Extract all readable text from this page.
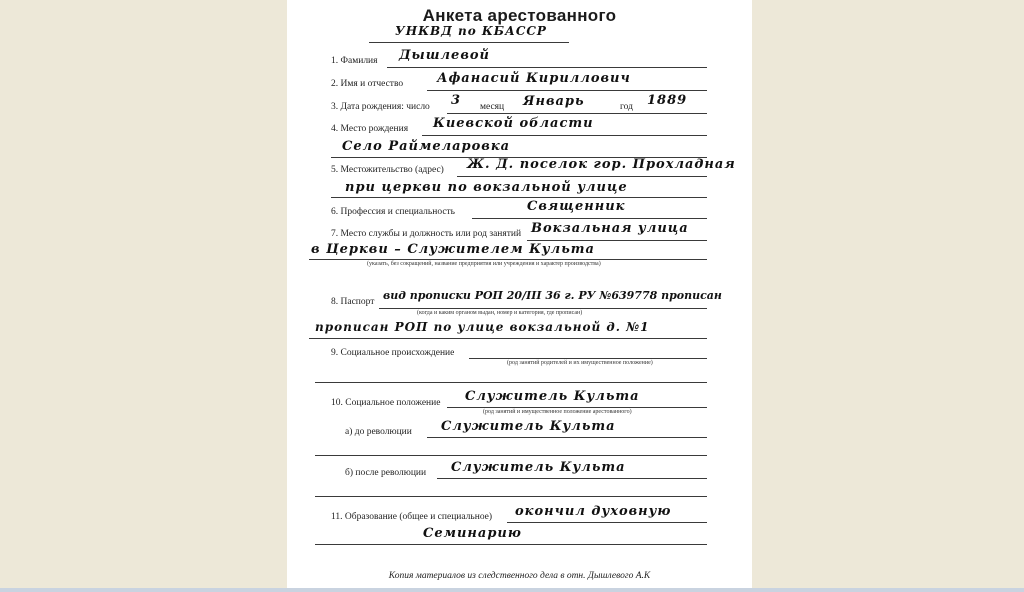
Анкета арестованного
УНКВД по КБАССР
1. Фамилия Дышлевой
2. Имя и отчество	Афанасий Кириллович
3. Дата рождения: число 3 месяц Январь	год 1889
4. Место рождения Киевской области
Село Раймеларовка
5. Местожительство (адрес) Ж. Д. поселок гор. Прохладная
при церкви по вокзальной улице
6. Профессия и специальность	Священник
7. Место службы и должность или род занятий Вокзальная улица
в Церкви – Служителем Культа
(указать, без сокращений, название предприятия или учреждения и характер производства)
8. Паспорт вид прописки РОП 20/III 36 г. РУ №639778 прописан
(когда и каким органом выдан, номер и категория, где прописан)
прописан РОП по улице вокзальной д. №1
9. Социальное происхождение
(род занятий родителей и их имущественное положение)
10. Социальное положение Служитель Культа
(род занятий и имущественное положение арестованного)
а) до революции Служитель Культа
б) после революции Служитель Культа
11. Образование (общее и специальное) окончил духовную
Семинарию
Копия материалов из следственного дела в отн. Дышлевого А.К
